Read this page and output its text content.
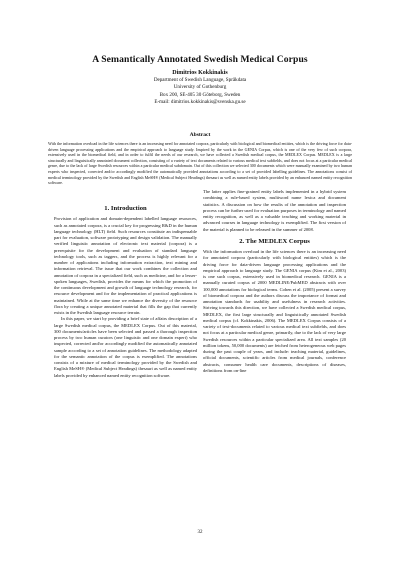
A Semantically Annotated Swedish Medical Corpus
Dimitrios Kokkinakis
Department of Swedish Language, Språkdata
University of Gothenburg
Box 200, SE-405 30 Göteborg, Sweden
E-mail: dimitrios.kokkinakis@svenska.gu.se
Abstract
With the information overload in the life sciences there is an increasing need for annotated corpora, particularly with biological and biomedical entities, which is the driving force for data-driven language processing applications and the empirical approach to language study. Inspired by the work in the GENIA Corpus, which is one of the very few of such corpora, extensively used in the biomedical field, and in order to fulfil the needs of our research, we have collected a Swedish medical corpus, the MEDLEX Corpus. MEDLEX is a large structurally and linguistically annotated document collection, consisting of a variety of text documents related to various medical text subfields, and does not focus at a particular medical genre, due to the lack of large Swedish resources within a particular medical subdomain. Out of this collection we selected 300 documents which were manually examined by two human experts who inspected, corrected and/or accordingly modified the automatically provided annotations according to a set of provided labelling guidelines. The annotations consist of medical terminology provided by the Swedish and English MeSH® (Medical Subject Headings) thesauri as well as named entity labels provided by an enhanced named entity recognition software.
1. Introduction

Provision of application and domain-dependent labelled language resources, such as annotated corpora, is a crucial key for progressing R&D in the human language technology (HLT) field. Such resources constitute an indispensable part for evaluation, software prototyping and design validation. The manually verified linguistic annotation of electronic text material (corpora) is a prerequisite for the development and evaluation of standard language technology tools, such as taggers, and the process is highly relevant for a number of applications including information extraction, text mining and information retrieval. The issue that our work combines the collection and annotation of corpora in a specialized field, such as medicine, and for a lesser-spoken languages, Swedish, provides the means for which the promotion of the continuous development and growth of language technology research, for resource development and for the implementation of practical applications is maintained. While at the same time we enhance the diversity of the resource flora by creating a unique annotated material that fills the gap that currently exists in the Swedish language resource terrain.

In this paper, we start by providing a brief state of affairs description of a large Swedish medical corpus, the MEDLEX Corpus. Out of this material, 300 documents/articles have been selected and passed a thorough inspection process by two human curators (one linguistic and one domain expert) who inspected, corrected and/or accordingly modified the automatically annotated sample according to a set of annotation guidelines. The methodology adapted for the semantic annotation of the corpus is exemplified. The annotations consists of a mixture of medical terminology provided by the Swedish and English MeSH® (Medical Subject Headings) thesauri as well as named entity labels provided by enhanced named entity recognition software.

The latter applies fine-grained entity labels implemented in a hybrid system combining a rule-based system, multiword name lexica and document statistics. A discussion on how the results of the annotation and inspection process can be further used for evaluation purposes in terminology and named entity recognition, as well as a valuable teaching and working material in advanced courses in language technology is exemplified. The first version of the material is planned to be released in the summer of 2008.

2. The MEDLEX Corpus

With the information overload in the life sciences there is an increasing need for annotated corpora (particularly with biological entities) which is the driving force for data-driven language processing applications and the empirical approach to language study. The GENIA corpus (Kim et al., 2003) is one such corpus, extensively used in biomedical research. GENIA is a manually curated corpus of 2000 MEDLINE/PubMED abstracts with over 100,000 annotations for biological terms. Cohen et al. (2005) present a survey of biomedical corpora and the authors discuss the importance of format and annotation standards for usability and usefulness in research activities. Striving towards this direction, we have collected a Swedish medical corpus, MEDLEX, the first large structurally and linguistically annotated Swedish medical corpus (cf. Kokkinakis, 2006). The MEDLEX Corpus consists of a variety of text-documents related to various medical text subfields, and does not focus at a particular medical genre, primarily, due to the lack of very large Swedish resources within a particular specialized area. All text samples (20 million tokens, 50,000 documents) are fetched from heterogeneous web pages during the past couple of years, and include: teaching material, guidelines, official documents, scientific articles from medical journals, conference abstracts, consumer health care documents, descriptions of diseases, definitions from on-line

32
